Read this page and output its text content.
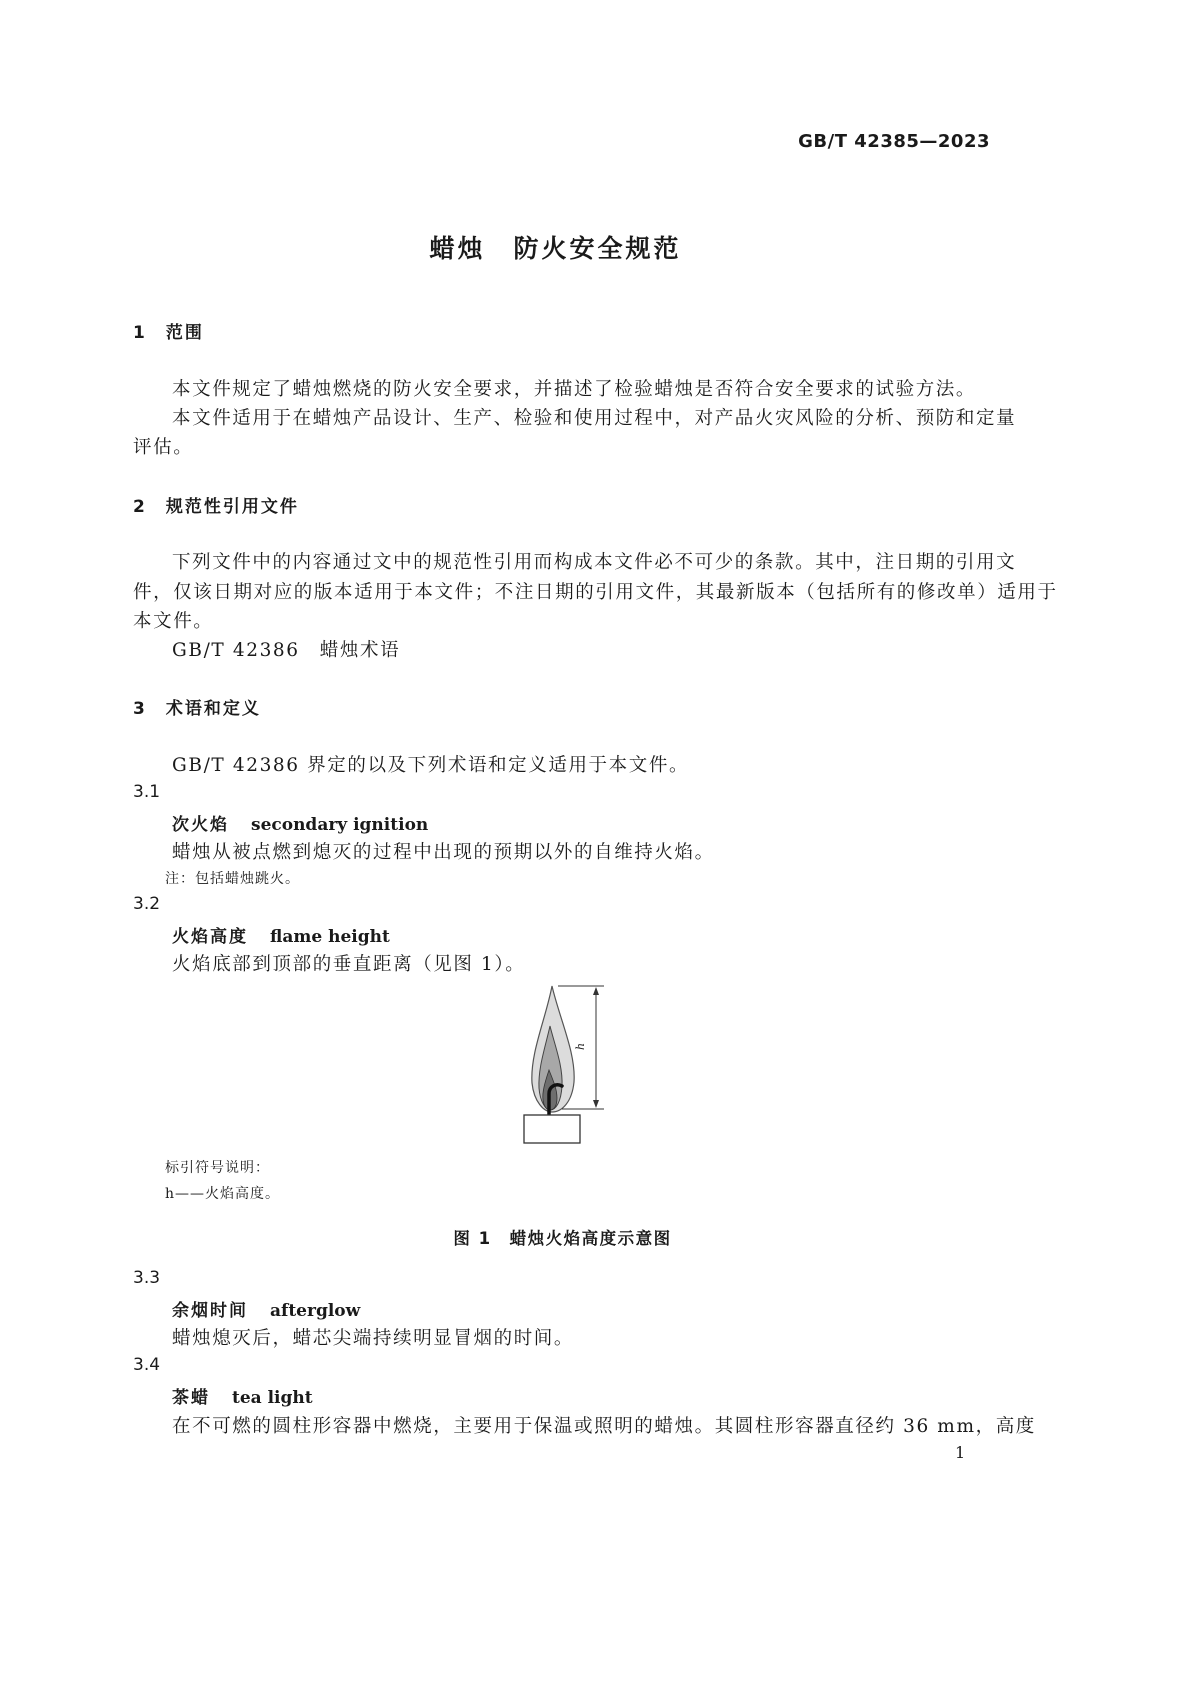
GB/T 42385—2023
蜡烛　防火安全规范
1　范围
本文件规定了蜡烛燃烧的防火安全要求，并描述了检验蜡烛是否符合安全要求的试验方法。
本文件适用于在蜡烛产品设计、生产、检验和使用过程中，对产品火灾风险的分析、预防和定量
评估。
2　规范性引用文件
下列文件中的内容通过文中的规范性引用而构成本文件必不可少的条款。其中，注日期的引用文
件，仅该日期对应的版本适用于本文件；不注日期的引用文件，其最新版本（包括所有的修改单）适用于
本文件。
GB/T 42386　蜡烛术语
3　术语和定义
GB/T 42386 界定的以及下列术语和定义适用于本文件。
3.1
次火焰 secondary ignition
蜡烛从被点燃到熄灭的过程中出现的预期以外的自维持火焰。
注：包括蜡烛跳火。
3.2
火焰高度 flame height
火焰底部到顶部的垂直距离（见图 1）。
h
标引符号说明：
h——火焰高度。
图 1　蜡烛火焰高度示意图
3.3
余烟时间 afterglow
蜡烛熄灭后，蜡芯尖端持续明显冒烟的时间。
3.4
茶蜡 tea light
在不可燃的圆柱形容器中燃烧，主要用于保温或照明的蜡烛。其圆柱形容器直径约 36 mm，高度
1
